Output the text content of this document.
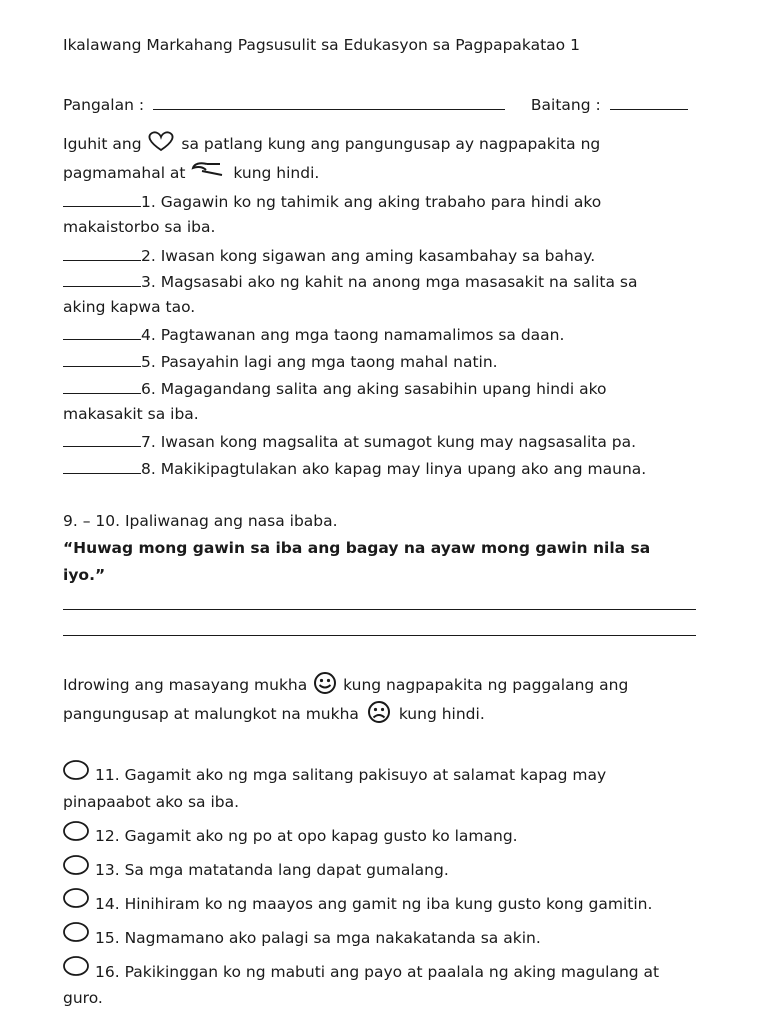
Ikalawang Markahang Pagsusulit sa Edukasyon sa Pagpapakatao 1
Pangalan :	Baitang :
Iguhit ang	sa patlang kung ang pangungusap ay nagpapakita ng
pagmamahal at	kung hindi.
1. Gagawin ko ng tahimik ang aking trabaho para hindi ako
makaistorbo sa iba.
2. Iwasan kong sigawan ang aming kasambahay sa bahay.
3. Magsasabi ako ng kahit na anong mga masasakit na salita sa
aking kapwa tao.
4. Pagtawanan ang mga taong namamalimos sa daan.
5. Pasayahin lagi ang mga taong mahal natin.
6. Magagandang salita ang aking sasabihin upang hindi ako
makasakit sa iba.
7. Iwasan kong magsalita at sumagot kung may nagsasalita pa.
8. Makikipagtulakan ako kapag may linya upang ako ang mauna.
9. – 10. Ipaliwanag ang nasa ibaba.
“Huwag mong gawin sa iba ang bagay na ayaw mong gawin nila sa
iyo.”
Idrowing ang masayang mukha kung nagpapakita ng paggalang ang
pangungusap at malungkot na mukha	kung hindi.
11. Gagamit ako ng mga salitang pakisuyo at salamat kapag may
pinapaabot ako sa iba.
12. Gagamit ako ng po at opo kapag gusto ko lamang.
13. Sa mga matatanda lang dapat gumalang.
14. Hinihiram ko ng maayos ang gamit ng iba kung gusto kong gamitin.
15. Nagmamano ako palagi sa mga nakakatanda sa akin.
16. Pakikinggan ko ng mabuti ang payo at paalala ng aking magulang at
guro.
